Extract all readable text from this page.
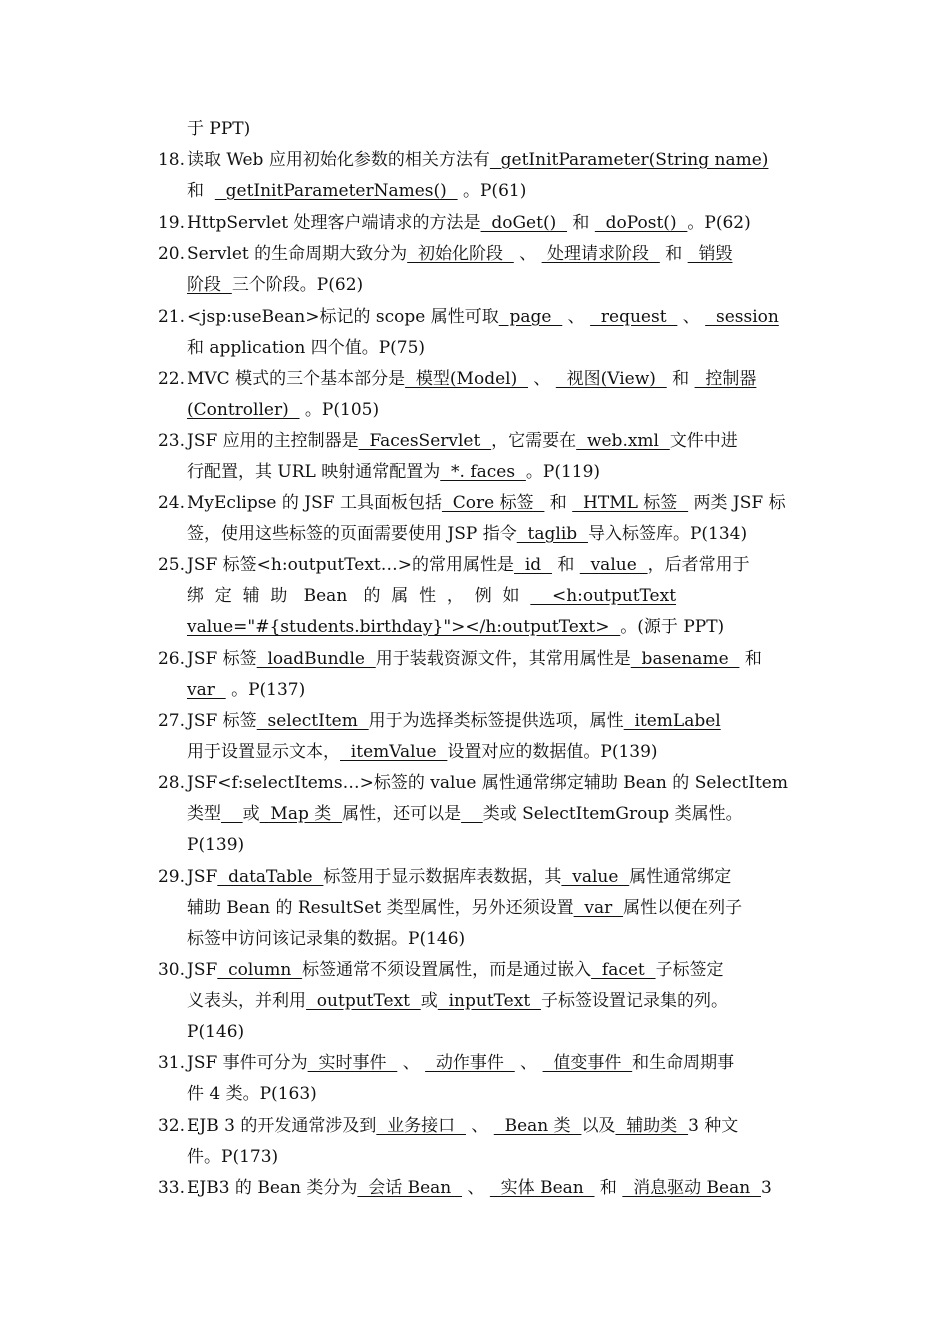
于 PPT)
18. 读取 Web 应用初始化参数的相关方法有  getInitParameter(String name)
和    getInitParameterNames()   。P(61)
19. HttpServlet 处理客户端请求的方法是  doGet()   和   doPost()  。P(62)
20. Servlet 的生命周期大致分为  初始化阶段   、  处理请求阶段   和   销毁
阶段  三个阶段。P(62)
21. <jsp:useBean>标记的 scope 属性可取  page   、   request   、   session
和 application 四个值。P(75)
22. MVC 模式的三个基本部分是  模型(Model)   、   视图(View)   和   控制器
(Controller)   。P(105)
23. JSF 应用的主控制器是  FacesServlet  ，它需要在  web.xml  文件中进
行配置，其 URL 映射通常配置为  *. faces  。P(119)
24. MyEclipse 的 JSF 工具面板包括  Core 标签   和   HTML 标签   两类 JSF 标
签，使用这些标签的页面需要使用 JSP 指令  taglib  导入标签库。P(134)
25. JSF 标签<h:outputText…>的常用属性是  id   和   value  ，后者常用于
绑  定  辅  助   Bean   的  属  性  ，  例  如      <h:outputText
value="#{students.birthday}"></h:outputText>  。(源于 PPT)
26. JSF 标签  loadBundle  用于装载资源文件，其常用属性是  basename   和
var   。P(137)
27. JSF 标签  selectItem  用于为选择类标签提供选项，属性  itemLabel
用于设置显示文本，  itemValue  设置对应的数据值。P(139)
28. JSF<f:selectItems…>标签的 value 属性通常绑定辅助 Bean 的 SelectItem
类型 或  Map 类  属性，还可以是 类或 SelectItemGroup 类属性。
P(139)
29. JSF  dataTable  标签用于显示数据库表数据，其  value  属性通常绑定
辅助 Bean 的 ResultSet 类型属性，另外还须设置  var  属性以便在列子
标签中访问该记录集的数据。P(146)
30. JSF  column  标签通常不须设置属性，而是通过嵌入  facet  子标签定
义表头，并利用  outputText  或  inputText  子标签设置记录集的列。
P(146)
31. JSF 事件可分为  实时事件   、   动作事件   、   值变事件  和生命周期事
件 4 类。P(163)
32. EJB 3 的开发通常涉及到  业务接口   、   Bean 类  以及  辅助类  3 种文
件。P(173)
33. EJB3 的 Bean 类分为  会话 Bean   、   实体 Bean   和   消息驱动 Bean  3
